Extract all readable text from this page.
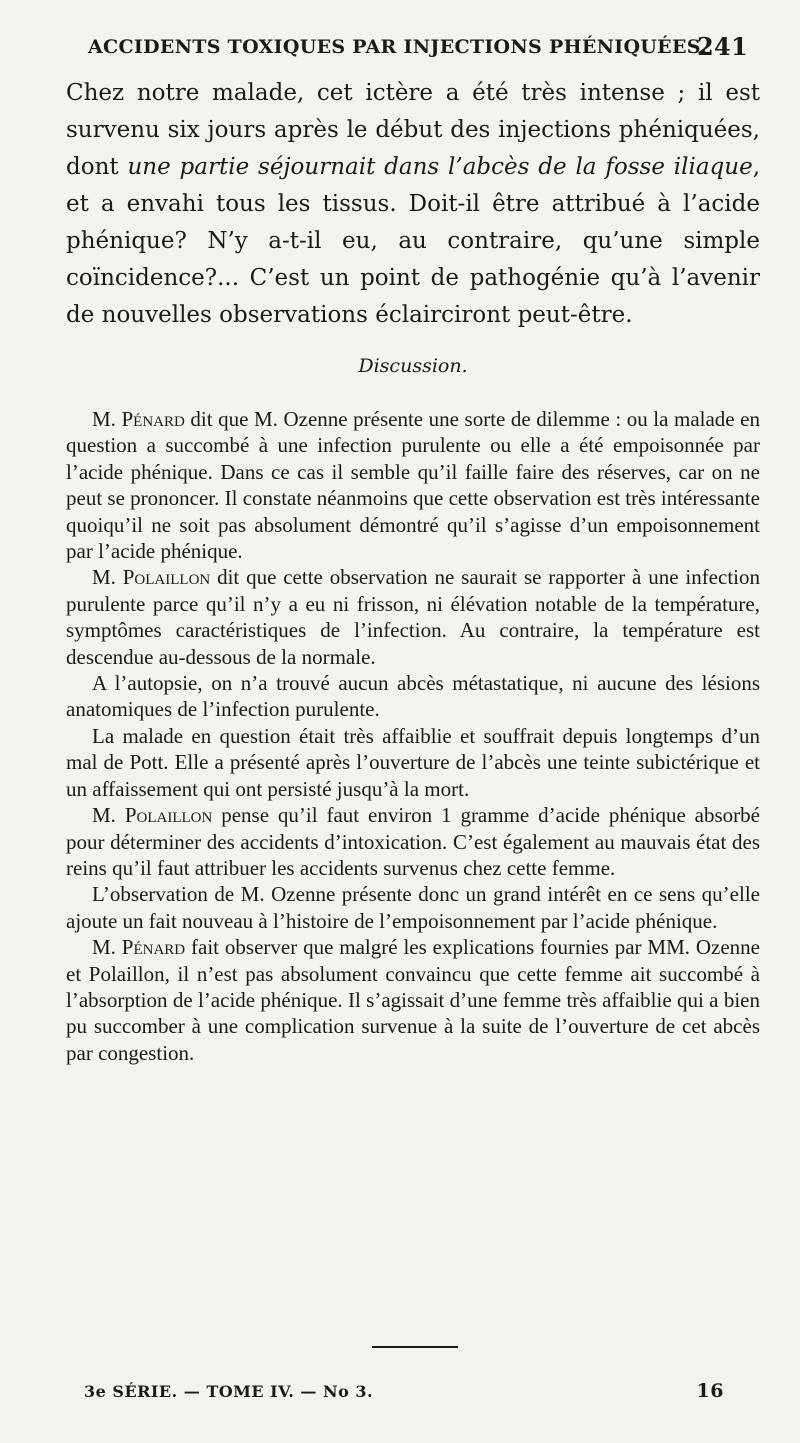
ACCIDENTS TOXIQUES PAR INJECTIONS PHÉNIQUÉES.
241

Chez notre malade, cet ictère a été très intense ; il est survenu six jours après le début des injections phéniquées, dont une partie séjournait dans l’abcès de la fosse iliaque, et a envahi tous les tissus. Doit-il être attribué à l’acide phénique? N’y a-t-il eu, au contraire, qu’une simple coïncidence?... C’est un point de pathogénie qu’à l’avenir de nouvelles observations éclairciront peut-être.

Discussion.

M. Pénard dit que M. Ozenne présente une sorte de dilemme : ou la malade en question a succombé à une infection purulente ou elle a été empoisonnée par l’acide phénique. Dans ce cas il semble qu’il faille faire des réserves, car on ne peut se prononcer. Il constate néanmoins que cette observation est très intéressante quoiqu’il ne soit pas absolument démontré qu’il s’agisse d’un empoisonnement par l’acide phénique.

M. Polaillon dit que cette observation ne saurait se rapporter à une infection purulente parce qu’il n’y a eu ni frisson, ni élévation notable de la température, symptômes caractéristiques de l’infection. Au contraire, la température est descendue au-dessous de la normale.

A l’autopsie, on n’a trouvé aucun abcès métastatique, ni aucune des lésions anatomiques de l’infection purulente.

La malade en question était très affaiblie et souffrait depuis longtemps d’un mal de Pott. Elle a présenté après l’ouverture de l’abcès une teinte subictérique et un affaissement qui ont persisté jusqu’à la mort.

M. Polaillon pense qu’il faut environ 1 gramme d’acide phénique absorbé pour déterminer des accidents d’intoxication. C’est également au mauvais état des reins qu’il faut attribuer les accidents survenus chez cette femme.

L’observation de M. Ozenne présente donc un grand intérêt en ce sens qu’elle ajoute un fait nouveau à l’histoire de l’empoisonnement par l’acide phénique.

M. Pénard fait observer que malgré les explications fournies par MM. Ozenne et Polaillon, il n’est pas absolument convaincu que cette femme ait succombé à l’absorption de l’acide phénique. Il s’agissait d’une femme très affaiblie qui a bien pu succomber à une complication survenue à la suite de l’ouverture de cet abcès par congestion.

3e SÉRIE. — TOME IV. — No 3.	16
